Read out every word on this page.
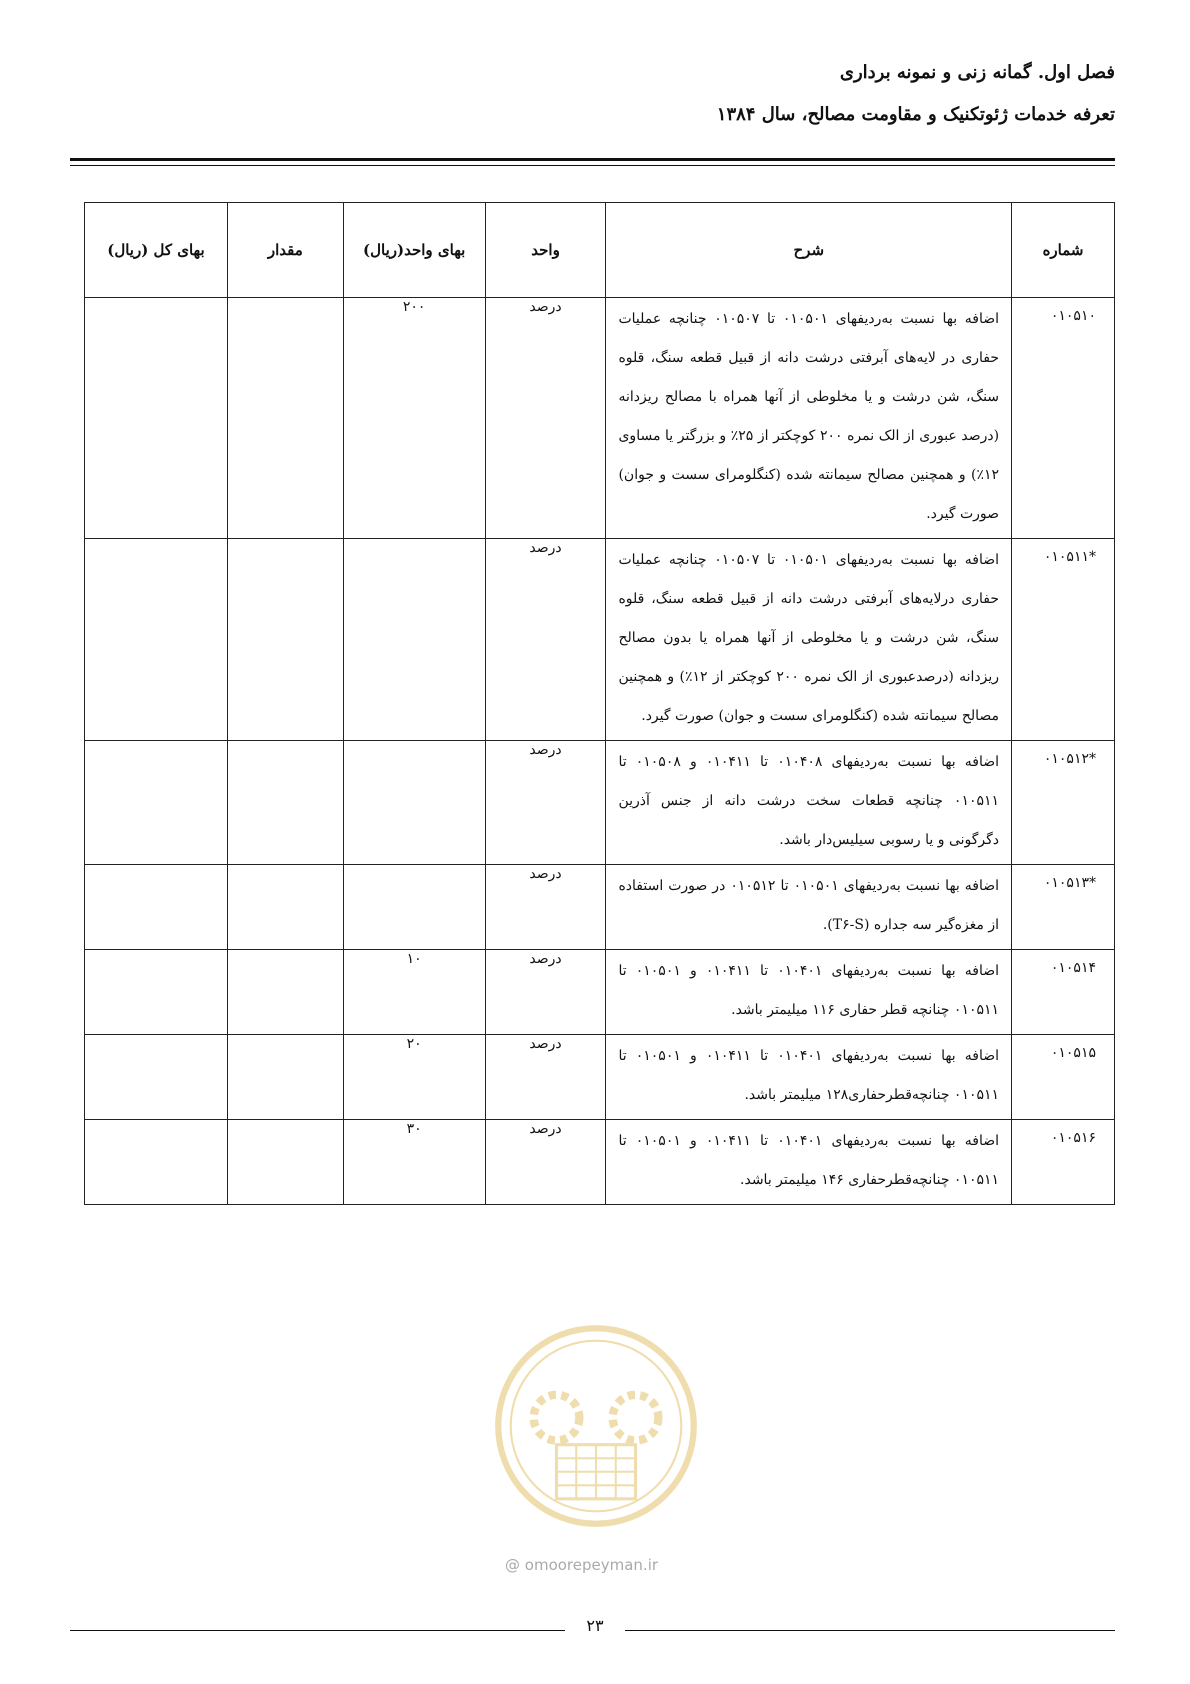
فصل اول. گمانه زنی و نمونه برداری
تعرفه خدمات ژئوتکنیک و مقاومت مصالح، سال ۱۳۸۴
شماره	شرح	واحد	بهای واحد(ریال)	مقدار	بهای کل (ریال)
۰۱۰۵۱۰	اضافه بها نسبت به‌ردیفهای ۰۱۰۵۰۱ تا ۰۱۰۵۰۷ چنانچه عملیات حفاری در لایه‌های آبرفتی درشت دانه از قبیل قطعه سنگ، قلوه سنگ، شن درشت و یا مخلوطی از آنها همراه با مصالح ریزدانه (درصد عبوری از الک نمره ۲۰۰ کوچکتر از ۲۵٪ و بزرگتر یا مساوی ۱۲٪) و همچنین مصالح سیمانته شده (کنگلومرای سست و جوان) صورت گیرد.	درصد	۲۰۰		
۰۱۰۵۱۱*	اضافه بها نسبت به‌ردیفهای ۰۱۰۵۰۱ تا ۰۱۰۵۰۷ چنانچه عملیات حفاری درلایه‌های آبرفتی درشت دانه از قبیل قطعه سنگ، قلوه سنگ، شن درشت و یا مخلوطی از آنها همراه یا بدون مصالح ریزدانه (درصدعبوری از الک نمره ۲۰۰ کوچکتر از ۱۲٪) و همچنین مصالح سیمانته شده (کنگلومرای سست و جوان) صورت گیرد.	درصد			
۰۱۰۵۱۲*	اضافه بها نسبت به‌ردیفهای ۰۱۰۴۰۸ تا ۰۱۰۴۱۱ و ۰۱۰۵۰۸ تا ۰۱۰۵۱۱ چنانچه قطعات سخت درشت دانه از جنس آذرین دگرگونی و یا رسوبی سیلیس‌دار باشد.	درصد			
۰۱۰۵۱۳*	اضافه بها نسبت به‌ردیفهای ۰۱۰۵۰۱ تا ۰۱۰۵۱۲ در صورت استفاده از مغزه‌گیر سه جداره (T۶-S).	درصد			
۰۱۰۵۱۴	اضافه بها نسبت به‌ردیفهای ۰۱۰۴۰۱ تا ۰۱۰۴۱۱ و ۰۱۰۵۰۱ تا ۰۱۰۵۱۱ چنانچه قطر حفاری ۱۱۶ میلیمتر باشد.	درصد	۱۰		
۰۱۰۵۱۵	اضافه بها نسبت به‌ردیفهای ۰۱۰۴۰۱ تا ۰۱۰۴۱۱ و ۰۱۰۵۰۱ تا ۰۱۰۵۱۱ چنانچه‌قطرحفاری۱۲۸ میلیمتر باشد.	درصد	۲۰		
۰۱۰۵۱۶	اضافه بها نسبت به‌ردیفهای ۰۱۰۴۰۱ تا ۰۱۰۴۱۱ و ۰۱۰۵۰۱ تا ۰۱۰۵۱۱ چنانچه‌قطرحفاری ۱۴۶ میلیمتر باشد.	درصد	۳۰		
@ omoorepeyman.ir
۲۳
